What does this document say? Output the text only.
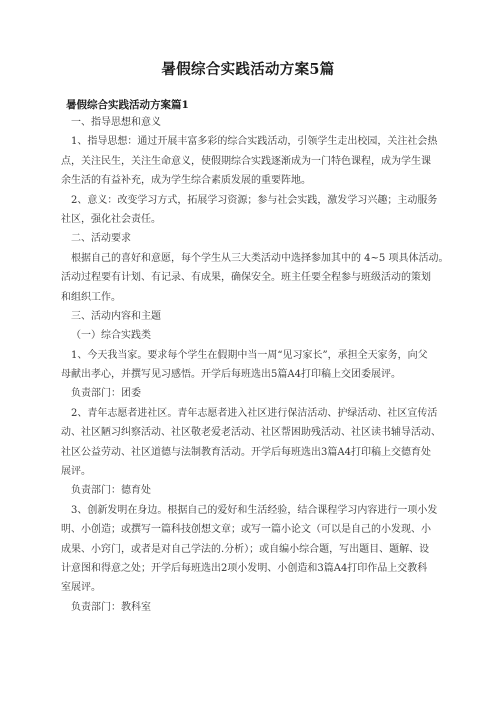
暑假综合实践活动方案5篇
暑假综合实践活动方案篇1
一、指导思想和意义
1、指导思想：通过开展丰富多彩的综合实践活动，引领学生走出校园，关注社会热
点，关注民生，关注生命意义，使假期综合实践逐渐成为一门特色课程，成为学生课
余生活的有益补充，成为学生综合素质发展的重要阵地。
2、意义：改变学习方式，拓展学习资源；参与社会实践，激发学习兴趣；主动服务
社区，强化社会责任。
二、活动要求
根据自己的喜好和意愿，每个学生从三大类活动中选择参加其中的 4~5 项具体活动。
活动过程要有计划、有记录、有成果，确保安全。班主任要全程参与班级活动的策划
和组织工作。
三、活动内容和主题
（一）综合实践类
1、今天我当家。要求每个学生在假期中当一周“见习家长”，承担全天家务，向父
母献出孝心，并撰写见习感悟。开学后每班选出5篇A4打印稿上交团委展评。
负责部门：团委
2、青年志愿者进社区。青年志愿者进入社区进行保洁活动、护绿活动、社区宣传活
动、社区陋习纠察活动、社区敬老爱老活动、社区帮困助残活动、社区读书辅导活动、
社区公益劳动、社区道德与法制教育活动。开学后每班选出3篇A4打印稿上交德育处
展评。
负责部门：德育处
3、创新发明在身边。根据自己的爱好和生活经验，结合课程学习内容进行一项小发
明、小创造；或撰写一篇科技创想文章；或写一篇小论文（可以是自己的小发现、小
成果、小窍门，或者是对自己学法的.分析）；或自编小综合题，写出题目、题解、设
计意图和得意之处；开学后每班选出2项小发明、小创造和3篇A4打印作品上交教科
室展评。
负责部门：教科室
